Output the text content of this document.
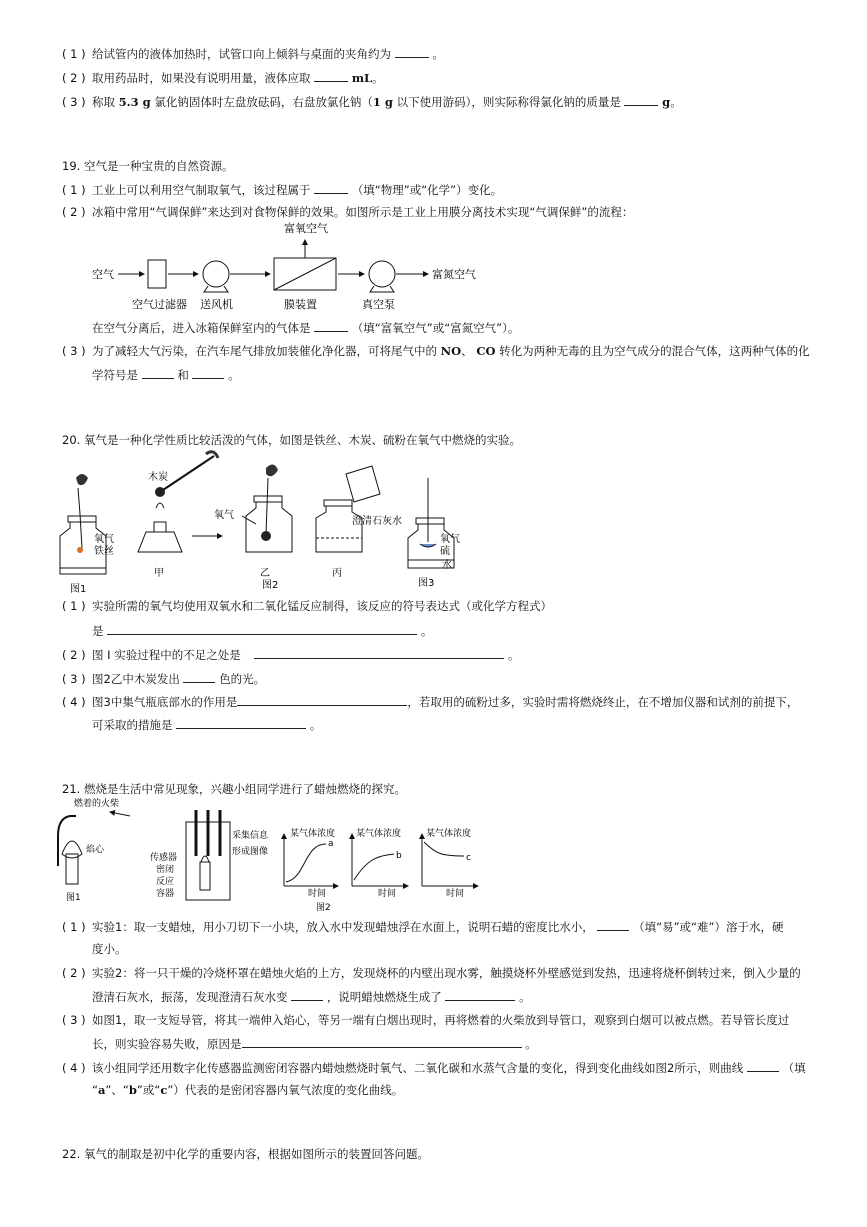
( 1 ) 给试管内的液体加热时，试管口向上倾斜与桌面的夹角约为	。
( 2 ) 取用药品时，如果没有说明用量，液体应取	mL。
( 3 ) 称取 5.3 g 氯化钠固体时左盘放砝码，右盘放氯化钠（1 g 以下使用游码），则实际称得氯化钠的质量是	g。
19. 空气是一种宝贵的自然资源。
( 1 ) 工业上可以利用空气制取氧气，该过程属于	（填“物理”或“化学”）变化。
( 2 ) 冰箱中常用“气调保鲜”来达到对食物保鲜的效果。如图所示是工业上用膜分离技术实现“气调保鲜”的流程：
空气
富氧空气
富氮空气
空气过滤器 送风机	膜装置	真空泵
在空气分离后，进入冰箱保鲜室内的气体是	（填“富氧空气”或“富氮空气”）。
( 3 ) 为了减轻大气污染，在汽车尾气排放加装催化净化器，可将尾气中的 NO、 CO 转化为两种无毒的且为空气成分的混合气体，这两种气体的化
学符号是	和	。
20. 氧气是一种化学性质比较活泼的气体，如图是铁丝、木炭、硫粉在氧气中燃烧的实验。
氧气
铁丝
图1
木炭
甲
氧气
乙
图2
丙
澄清石灰水
氧气
硫
水
图3
( 1 ) 实验所需的氧气均使用双氧水和二氧化锰反应制得，该反应的符号表达式（或化学方程式）
是	。
( 2 ) 图 I 实验过程中的不足之处是	。
( 3 ) 图2乙中木炭发出	色的光。
( 4 ) 图3中集气瓶底部水的作用是	，若取用的硫粉过多，实验时需将燃烧终止，在不增加仪器和试剂的前提下，
可采取的措施是	。
21. 燃烧是生活中常见现象，兴趣小组同学进行了蜡烛燃烧的探究。
燃着的火柴
焰心
图1
传感器
密闭
反应
容器
采集信息
形成图像
某气体浓度
a
时间
某气体浓度
b
时间
图2
某气体浓度
c
时间
( 1 ) 实验1：取一支蜡烛，用小刀切下一小块，放入水中发现蜡烛浮在水面上，说明石蜡的密度比水小，	（填“易”或“难”）溶于水，硬
度小。
( 2 ) 实验2：将一只干燥的冷烧杯罩在蜡烛火焰的上方，发现烧杯的内壁出现水雾，触摸烧杯外壁感觉到发热，迅速将烧杯倒转过来，倒入少量的
澄清石灰水，振荡，发现澄清石灰水变	，说明蜡烛燃烧生成了	。
( 3 ) 如图1，取一支短导管，将其一端伸入焰心，等另一端有白烟出现时，再将燃着的火柴放到导管口，观察到白烟可以被点燃。若导管长度过
长，则实验容易失败，原因是	。
( 4 ) 该小组同学还用数字化传感器监测密闭容器内蜡烛燃烧时氧气、二氧化碳和水蒸气含量的变化，得到变化曲线如图2所示，则曲线	（填
“a”、“b”或“c”）代表的是密闭容器内氧气浓度的变化曲线。
22. 氧气的制取是初中化学的重要内容，根据如图所示的装置回答问题。
